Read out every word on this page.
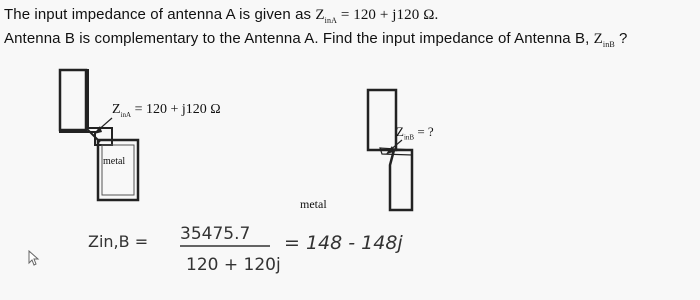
The input impedance of antenna A is given as $Z_{inA} = 120 + j120$ Ω.
Antenna B is complementary to the Antenna A. Find the input impedance of Antenna B, $Z_{inB}$ ?
$Z_{inA} = 120 + j120$ Ω
metal
$Z_{inB}$ = ?
metal
Zin,B = 35475.7
120 + 120j
= 148 - 148j
